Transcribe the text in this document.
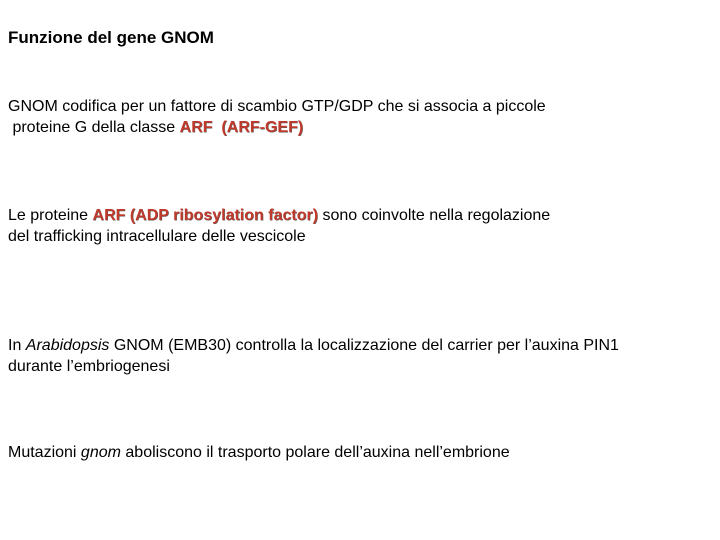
Funzione del gene GNOM
GNOM codifica per un fattore di scambio GTP/GDP che si associa a piccole
proteine G della classe ARF  (ARF-GEF)
Le proteine ARF (ADP ribosylation factor) sono coinvolte nella regolazione
del trafficking intracellulare delle vescicole
In Arabidopsis GNOM (EMB30) controlla la localizzazione del carrier per l’auxina PIN1
durante l’embriogenesi
Mutazioni gnom aboliscono il trasporto polare dell’auxina nell’embrione
